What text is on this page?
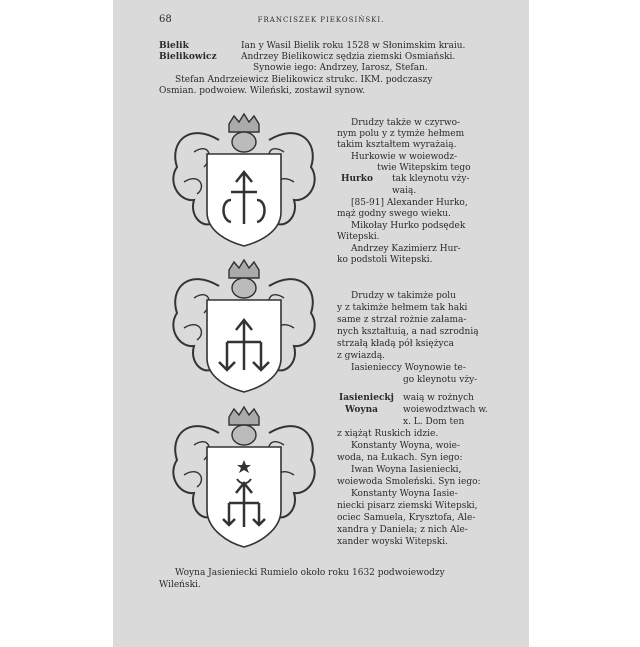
68	FRANCISZEK PIEKOSIŃSKI.
Bielik
Bielikowicz
Ian y Wasil Bielik roku 1528 w Słonimskim kraiu.
Andrzey Bielikowicz sędzia ziemski Osmiański.
Synowie iego: Andrzey, Iarosz, Stefan.
Stefan Andrzeiewicz Bielikowicz strukc. IKM. podczaszy
Osmian. podwoiew. Wileński, zostawił synow.
Drudzy także w czyrwo-
nym polu y z tymże hełmem
takim kształtem wyrażaią.
Hurkowie w woiewodz-
twie Witepskim tego
Hurko tak kleynotu vży-
waią.
[85-91] Alexander Hurko,
mąż godny swego wieku.
Mikołay Hurko podsędek
Witepski.
Andrzey Kazimierz Hur-
ko podstoli Witepski.
Drudzy w takimże polu
y z takimże hełmem tak haki
same z strzał rożnie załama-
nych kształtuią, a nad szrodnią
strzałą kładą pół księżyca
z gwiazdą.
Iasienieccy Woynowie te-
go kleynotu vży-
Iasienieckj waią w rożnych
Woyna	woiewodztwach w.
x. L. Dom ten
z xiążąt Ruskich idzie.
Konstanty Woyna, woie-
woda, na Łukach. Syn iego:
Iwan Woyna Iasieniecki,
woiewoda Smoleński. Syn iego:
Konstanty Woyna Iasie-
niecki pisarz ziemski Witepski,
ociec Samuela, Krysztofa, Ale-
xandra y Daniela; z nich Ale-
xander woyski Witepski.
Woyna Jasieniecki Rumielo około roku 1632 podwoiewodzy
Wileński.
